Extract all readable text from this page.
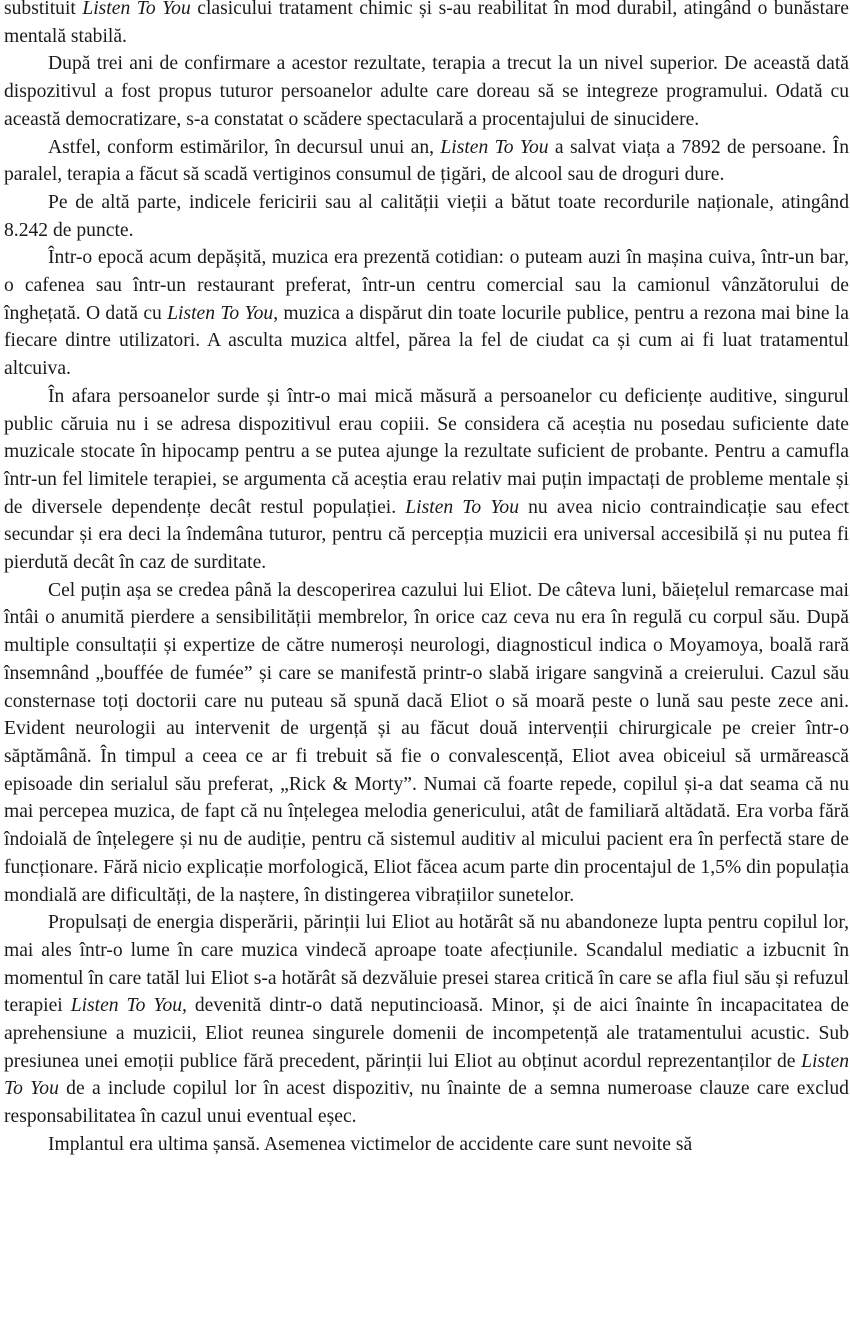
substituit Listen To You clasicului tratament chimic și s-au reabilitat în mod durabil, atingând o bunăstare mentală stabilă.

După trei ani de confirmare a acestor rezultate, terapia a trecut la un nivel superior. De această dată dispozitivul a fost propus tuturor persoanelor adulte care doreau să se integreze programului. Odată cu această democratizare, s-a constatat o scădere spectaculară a procentajului de sinucidere.

Astfel, conform estimărilor, în decursul unui an, Listen To You a salvat viața a 7892 de persoane. În paralel, terapia a făcut să scadă vertiginos consumul de țigări, de alcool sau de droguri dure.

Pe de altă parte, indicele fericirii sau al calității vieții a bătut toate recordurile naționale, atingând 8.242 de puncte.

Într-o epocă acum depășită, muzica era prezentă cotidian: o puteam auzi în mașina cuiva, într-un bar, o cafenea sau într-un restaurant preferat, într-un centru comercial sau la camionul vânzătorului de înghețată. O dată cu Listen To You, muzica a dispărut din toate locurile publice, pentru a rezona mai bine la fiecare dintre utilizatori. A asculta muzica altfel, părea la fel de ciudat ca și cum ai fi luat tratamentul altcuiva.

În afara persoanelor surde și într-o mai mică măsură a persoanelor cu deficiențe auditive, singurul public căruia nu i se adresa dispozitivul erau copiii. Se considera că aceștia nu posedau suficiente date muzicale stocate în hipocamp pentru a se putea ajunge la rezultate suficient de probante. Pentru a camufla într-un fel limitele terapiei, se argumenta că aceștia erau relativ mai puțin impactați de probleme mentale și de diversele dependențe decât restul populației. Listen To You nu avea nicio contraindicație sau efect secundar și era deci la îndemâna tuturor, pentru că percepția muzicii era universal accesibilă și nu putea fi pierdută decât în caz de surditate.

Cel puțin așa se credea până la descoperirea cazului lui Eliot. De câteva luni, băiețelul remarcase mai întâi o anumită pierdere a sensibilității membrelor, în orice caz ceva nu era în regulă cu corpul său. După multiple consultații și expertize de către numeroși neurologi, diagnosticul indica o Moyamoya, boală rară însemnând „bouffée de fumée” și care se manifestă printr-o slabă irigare sangvină a creierului. Cazul său consternase toți doctorii care nu puteau să spună dacă Eliot o să moară peste o lună sau peste zece ani. Evident neurologii au intervenit de urgență și au făcut două intervenții chirurgicale pe creier într-o săptămână. În timpul a ceea ce ar fi trebuit să fie o convalescență, Eliot avea obiceiul să urmărească episoade din serialul său preferat, „Rick & Morty”. Numai că foarte repede, copilul și-a dat seama că nu mai percepea muzica, de fapt că nu înțelegea melodia genericului, atât de familiară altădată. Era vorba fără îndoială de înțelegere și nu de audiție, pentru că sistemul auditiv al micului pacient era în perfectă stare de funcționare. Fără nicio explicație morfologică, Eliot făcea acum parte din procentajul de 1,5% din populația mondială are dificultăți, de la naștere, în distingerea vibrațiilor sunetelor.

Propulsați de energia disperării, părinții lui Eliot au hotărât să nu abandoneze lupta pentru copilul lor, mai ales într-o lume în care muzica vindecă aproape toate afecțiunile. Scandalul mediatic a izbucnit în momentul în care tatăl lui Eliot s-a hotărât să dezvăluie presei starea critică în care se afla fiul său și refuzul terapiei Listen To You, devenită dintr-o dată neputincioasă. Minor, și de aici înainte în incapacitatea de aprehensiune a muzicii, Eliot reunea singurele domenii de incompetență ale tratamentului acustic. Sub presiunea unei emoții publice fără precedent, părinții lui Eliot au obținut acordul reprezentanților de Listen To You de a include copilul lor în acest dispozitiv, nu înainte de a semna numeroase clauze care exclud responsabilitatea în cazul unui eventual eșec.

Implantul era ultima șansă. Asemenea victimelor de accidente care sunt nevoite să
